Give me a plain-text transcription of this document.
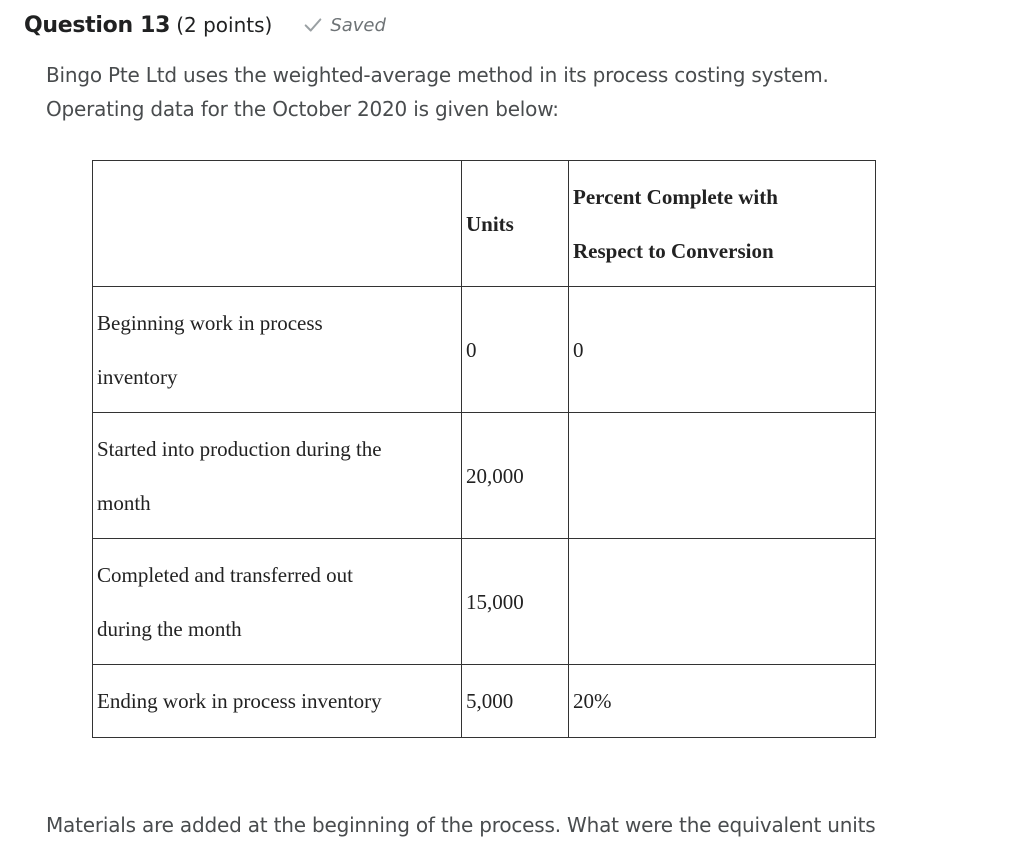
Question 13 (2 points)	Saved

Bingo Pte Ltd uses the weighted-average method in its process costing system.

Operating data for the October 2020 is given below:

	Units	Percent Complete with
Respect to Conversion
Beginning work in process
inventory	0	0
Started into production during the
month	20,000	
Completed and transferred out
during the month	15,000	
Ending work in process inventory	5,000	20%
Materials are added at the beginning of the process. What were the equivalent units
